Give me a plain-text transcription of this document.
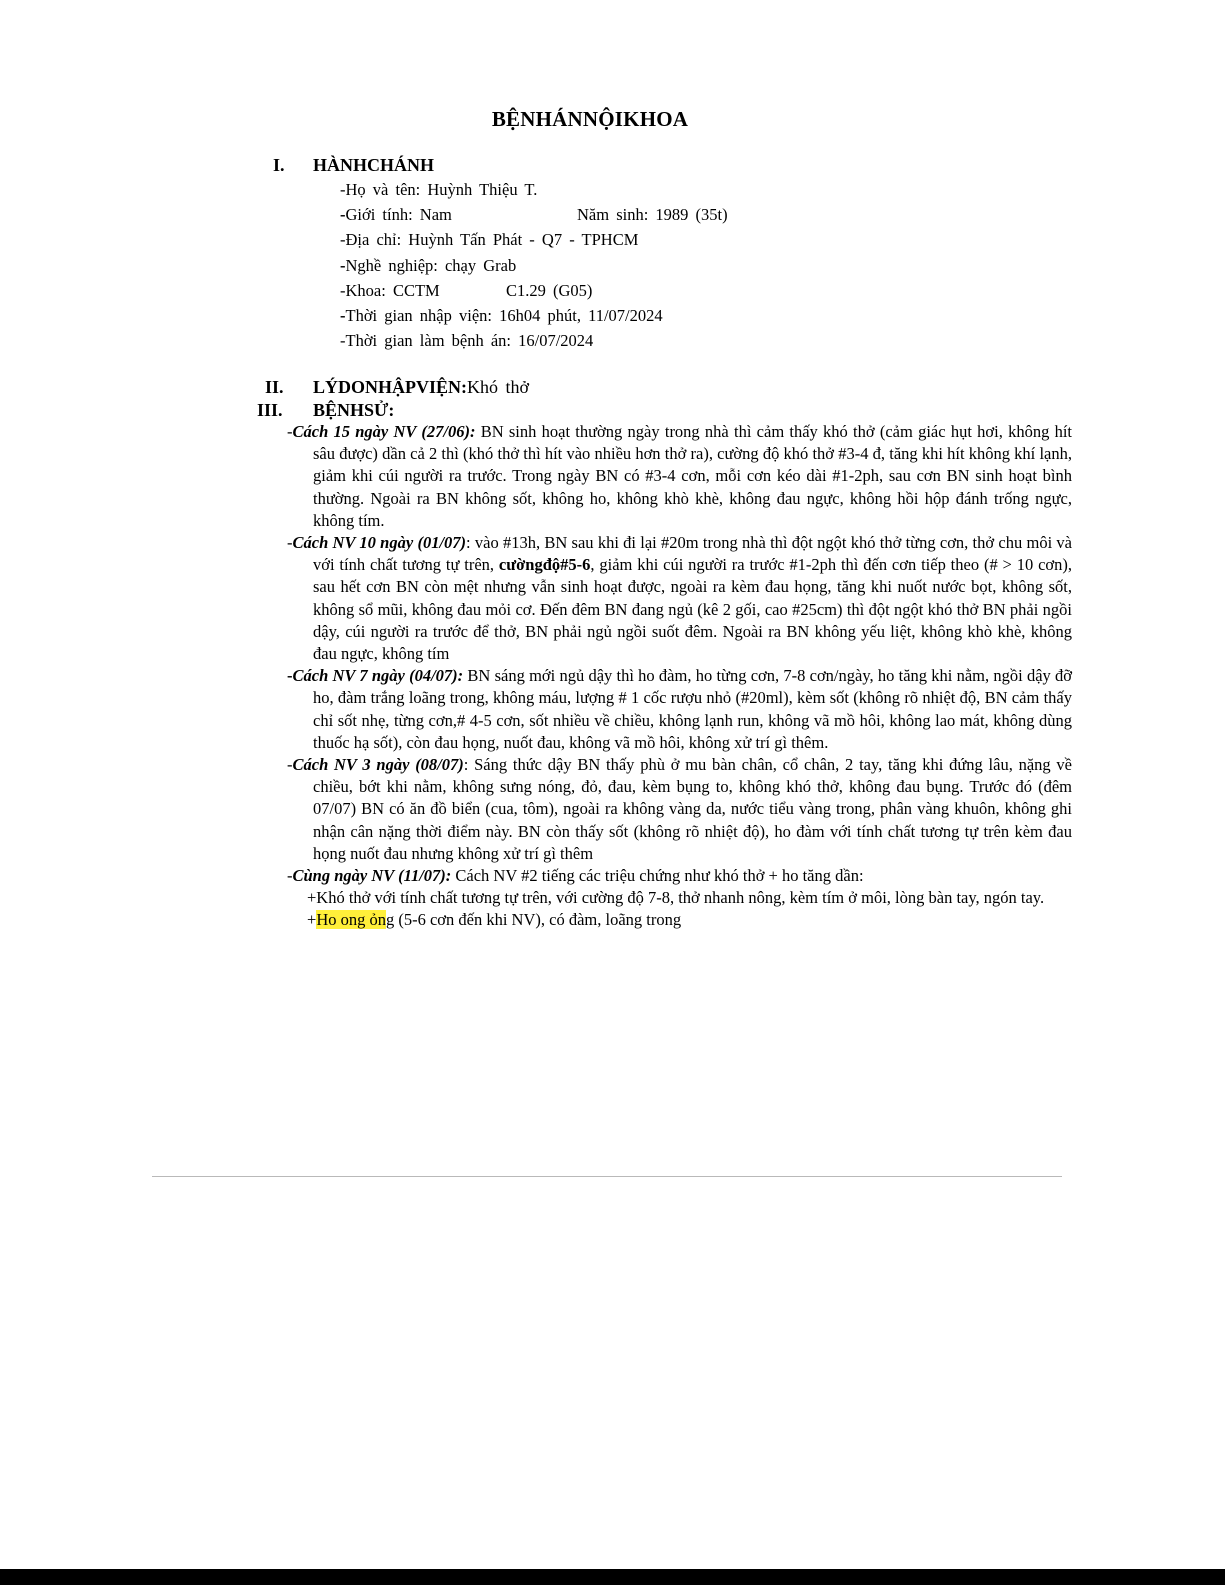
BỆNHÁNNỘIKHOA
I. HÀNHCHÁNH
-Họ và tên: Huỳnh Thiệu T.
-Giới tính: Nam	Năm sinh: 1989 (35t)
-Địa chỉ: Huỳnh Tấn Phát - Q7 - TPHCM
-Nghề nghiệp: chạy Grab
-Khoa: CCTM	C1.29 (G05)
-Thời gian nhập viện: 16h04 phút, 11/07/2024
-Thời gian làm bệnh án: 16/07/2024
II. LÝDONHẬPVIỆN:Khó thở
III. BỆNHSỬ:

-Cách 15 ngày NV (27/06): BN sinh hoạt thường ngày trong nhà thì cảm thấy khó thở (cảm giác hụt hơi, không hít sâu được) dần cả 2 thì (khó thở thì hít vào nhiều hơn thở ra), cường độ khó thở #3-4 đ, tăng khi hít không khí lạnh, giảm khi cúi người ra trước. Trong ngày BN có #3-4 cơn, mỗi cơn kéo dài #1-2ph, sau cơn BN sinh hoạt bình thường. Ngoài ra BN không sốt, không ho, không khò khè, không đau ngực, không hồi hộp đánh trống ngực, không tím.

-Cách NV 10 ngày (01/07): vào #13h, BN sau khi đi lại #20m trong nhà thì đột ngột khó thở từng cơn, thở chu môi và với tính chất tương tự trên, cườngđộ#5-6, giảm khi cúi người ra trước #1-2ph thì đến cơn tiếp theo (# > 10 cơn), sau hết cơn BN còn mệt nhưng vẫn sinh hoạt được, ngoài ra kèm đau họng, tăng khi nuốt nước bọt, không sốt, không sổ mũi, không đau mỏi cơ. Đến đêm BN đang ngủ (kê 2 gối, cao #25cm) thì đột ngột khó thở BN phải ngồi dậy, cúi người ra trước để thở, BN phải ngủ ngồi suốt đêm. Ngoài ra BN không yếu liệt, không khò khè, không đau ngực, không tím

-Cách NV 7 ngày (04/07): BN sáng mới ngủ dậy thì ho đàm, ho từng cơn, 7-8 cơn/ngày, ho tăng khi nằm, ngồi dậy đỡ ho, đàm trắng loãng trong, không máu, lượng # 1 cốc rượu nhỏ (#20ml), kèm sốt (không rõ nhiệt độ, BN cảm thấy chỉ sốt nhẹ, từng cơn,# 4-5 cơn, sốt nhiều về chiều, không lạnh run, không vã mồ hôi, không lao mát, không dùng thuốc hạ sốt), còn đau họng, nuốt đau, không vã mồ hôi, không xử trí gì thêm.

-Cách NV 3 ngày (08/07): Sáng thức dậy BN thấy phù ở mu bàn chân, cổ chân, 2 tay, tăng khi đứng lâu, nặng về chiều, bớt khi nằm, không sưng nóng, đỏ, đau, kèm bụng to, không khó thở, không đau bụng. Trước đó (đêm 07/07) BN có ăn đồ biển (cua, tôm), ngoài ra không vàng da, nước tiểu vàng trong, phân vàng khuôn, không ghi nhận cân nặng thời điểm này. BN còn thấy sốt (không rõ nhiệt độ), ho đàm với tính chất tương tự trên kèm đau họng nuốt đau nhưng không xử trí gì thêm

-Cùng ngày NV (11/07): Cách NV #2 tiếng các triệu chứng như khó thở + ho tăng dần:

+Khó thở với tính chất tương tự trên, với cường độ 7-8, thở nhanh nông, kèm tím ở môi, lòng bàn tay, ngón tay.

+Ho ong ỏng (5-6 cơn đến khi NV), có đàm, loãng trong
